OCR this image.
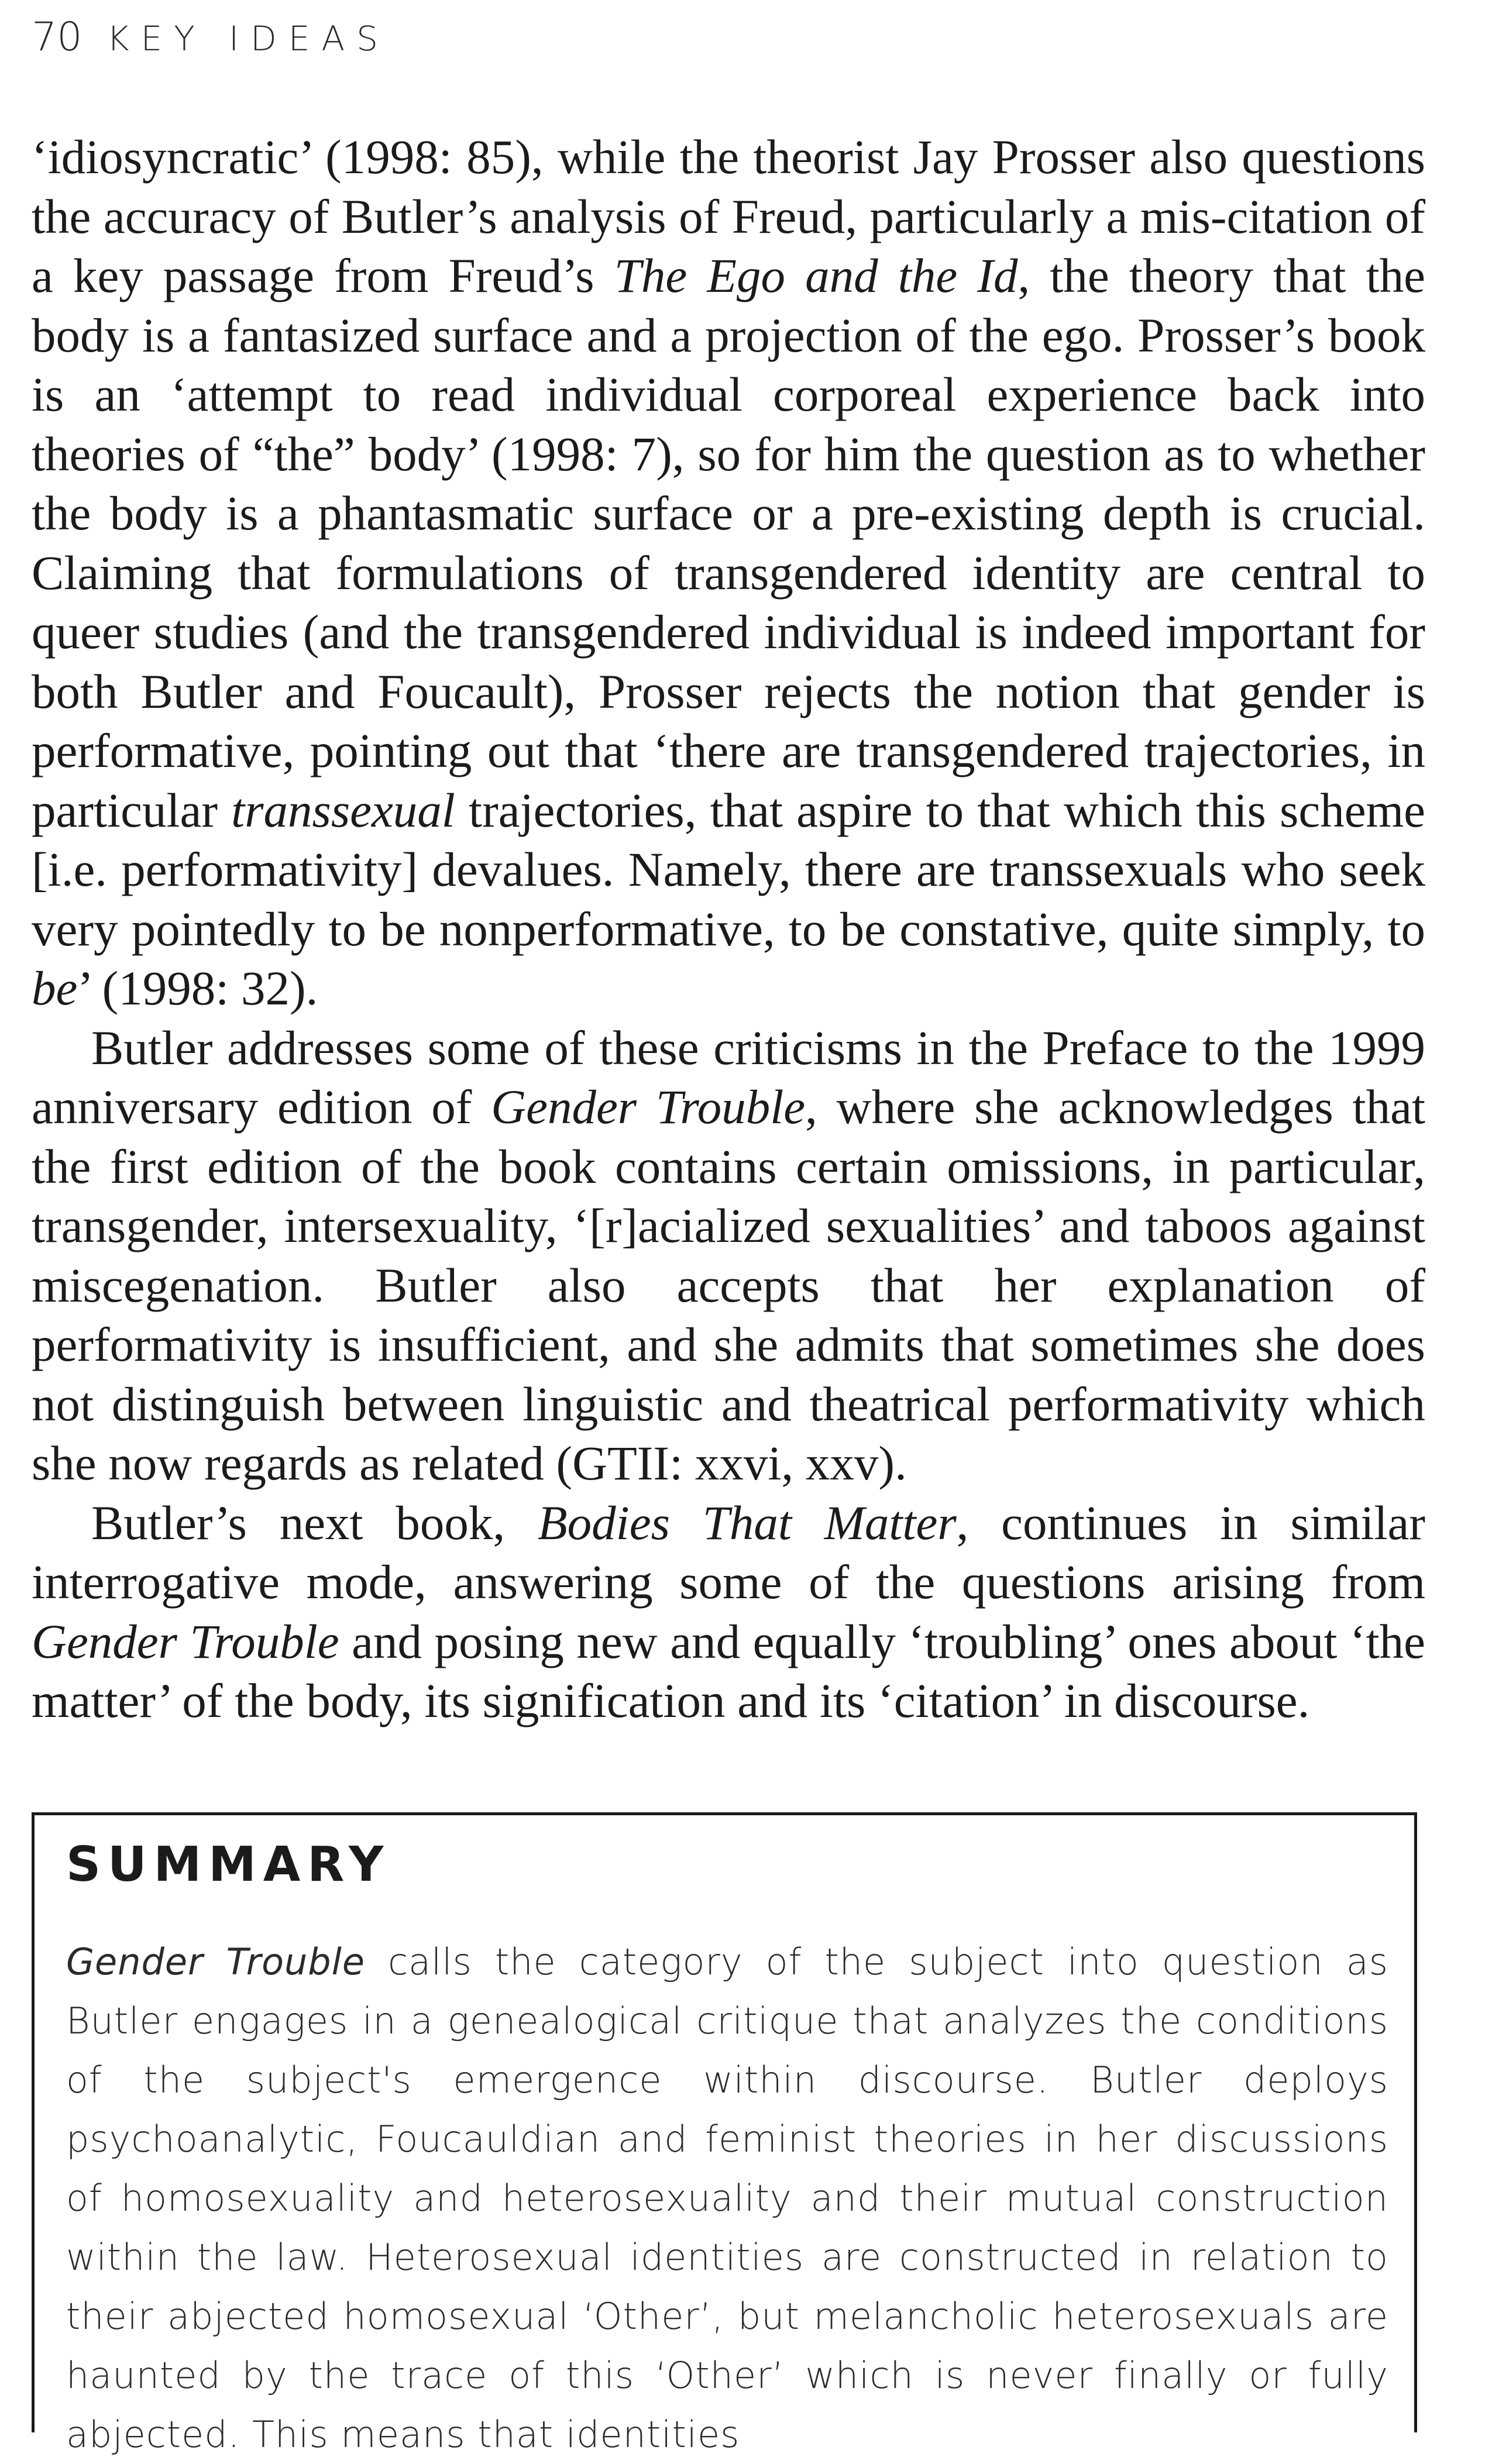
70 KEY IDEAS

‘idiosyncratic’ (1998: 85), while the theorist Jay Prosser also questions the accuracy of Butler’s analysis of Freud, particularly a mis-citation of a key passage from Freud’s The Ego and the Id, the theory that the body is a fantasized surface and a projection of the ego. Prosser’s book is an ‘attempt to read individual corporeal experience back into theories of “the” body’ (1998: 7), so for him the question as to whether the body is a phantasmatic surface or a pre-existing depth is crucial. Claiming that formulations of transgendered identity are central to queer studies (and the transgendered individual is indeed important for both Butler and Foucault), Prosser rejects the notion that gender is performative, pointing out that ‘there are transgendered trajectories, in particular transsexual trajectories, that aspire to that which this scheme [i.e. performativity] devalues. Namely, there are transsexuals who seek very pointedly to be nonperformative, to be constative, quite simply, to be’ (1998: 32).

Butler addresses some of these criticisms in the Preface to the 1999 anniversary edition of Gender Trouble, where she acknowledges that the first edition of the book contains certain omissions, in particular, transgender, intersexuality, ‘[r]acialized sexualities’ and taboos against miscegenation. Butler also accepts that her explanation of performativity is insufficient, and she admits that sometimes she does not distinguish between linguistic and theatrical performativity which she now regards as related (GTII: xxvi, xxv).

Butler’s next book, Bodies That Matter, continues in similar interrogative mode, answering some of the questions arising from Gender Trouble and posing new and equally ‘troubling’ ones about ‘the matter’ of the body, its signification and its ‘citation’ in discourse.

SUMMARY

Gender Trouble calls the category of the subject into question as Butler engages in a genealogical critique that analyzes the conditions of the subject's emergence within discourse. Butler deploys psychoanalytic, Foucauldian and feminist theories in her discussions of homosexuality and heterosexuality and their mutual construction within the law. Heterosexual identities are constructed in relation to their abjected homosexual ‘Other’, but melancholic heterosexuals are haunted by the trace of this ‘Other’ which is never finally or fully abjected. This means that identities
